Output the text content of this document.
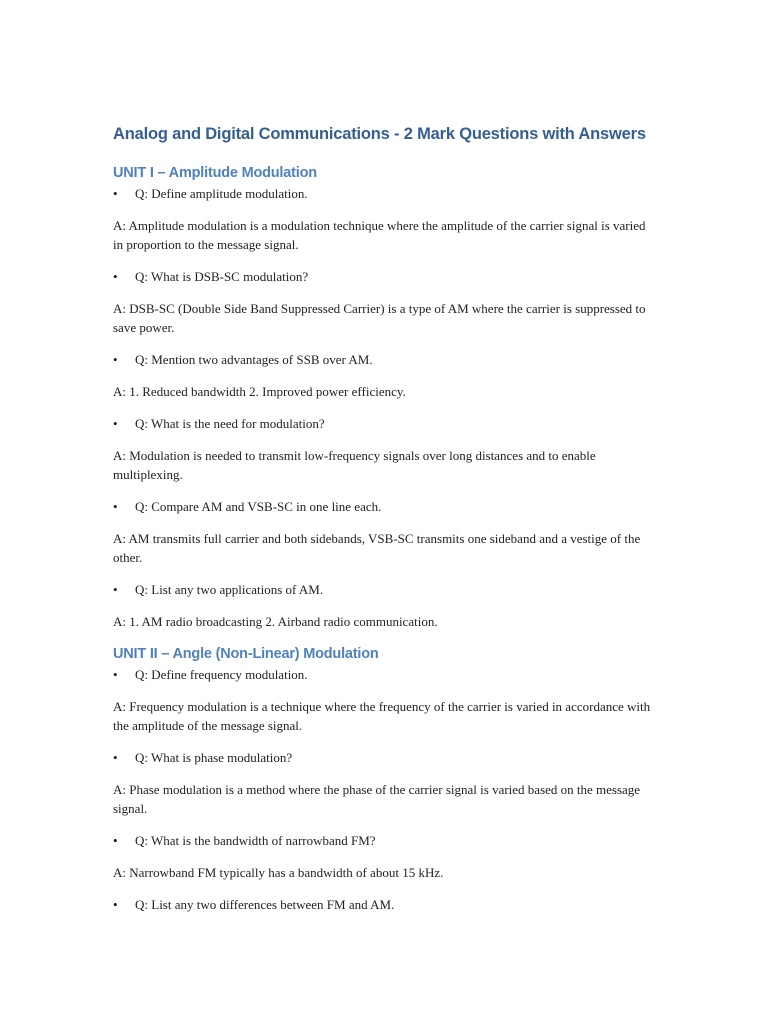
Analog and Digital Communications - 2 Mark Questions with Answers
UNIT I – Amplitude Modulation
•	Q: Define amplitude modulation.

A: Amplitude modulation is a modulation technique where the amplitude of the carrier signal is varied in proportion to the message signal.

•	Q: What is DSB-SC modulation?

A: DSB-SC (Double Side Band Suppressed Carrier) is a type of AM where the carrier is suppressed to save power.

•	Q: Mention two advantages of SSB over AM.

A: 1. Reduced bandwidth 2. Improved power efficiency.

•	Q: What is the need for modulation?

A: Modulation is needed to transmit low-frequency signals over long distances and to enable multiplexing.

•	Q: Compare AM and VSB-SC in one line each.

A: AM transmits full carrier and both sidebands, VSB-SC transmits one sideband and a vestige of the other.

•	Q: List any two applications of AM.

A: 1. AM radio broadcasting 2. Airband radio communication.

UNIT II – Angle (Non-Linear) Modulation
•	Q: Define frequency modulation.

A: Frequency modulation is a technique where the frequency of the carrier is varied in accordance with the amplitude of the message signal.

•	Q: What is phase modulation?

A: Phase modulation is a method where the phase of the carrier signal is varied based on the message signal.

•	Q: What is the bandwidth of narrowband FM?

A: Narrowband FM typically has a bandwidth of about 15 kHz.

•	Q: List any two differences between FM and AM.
